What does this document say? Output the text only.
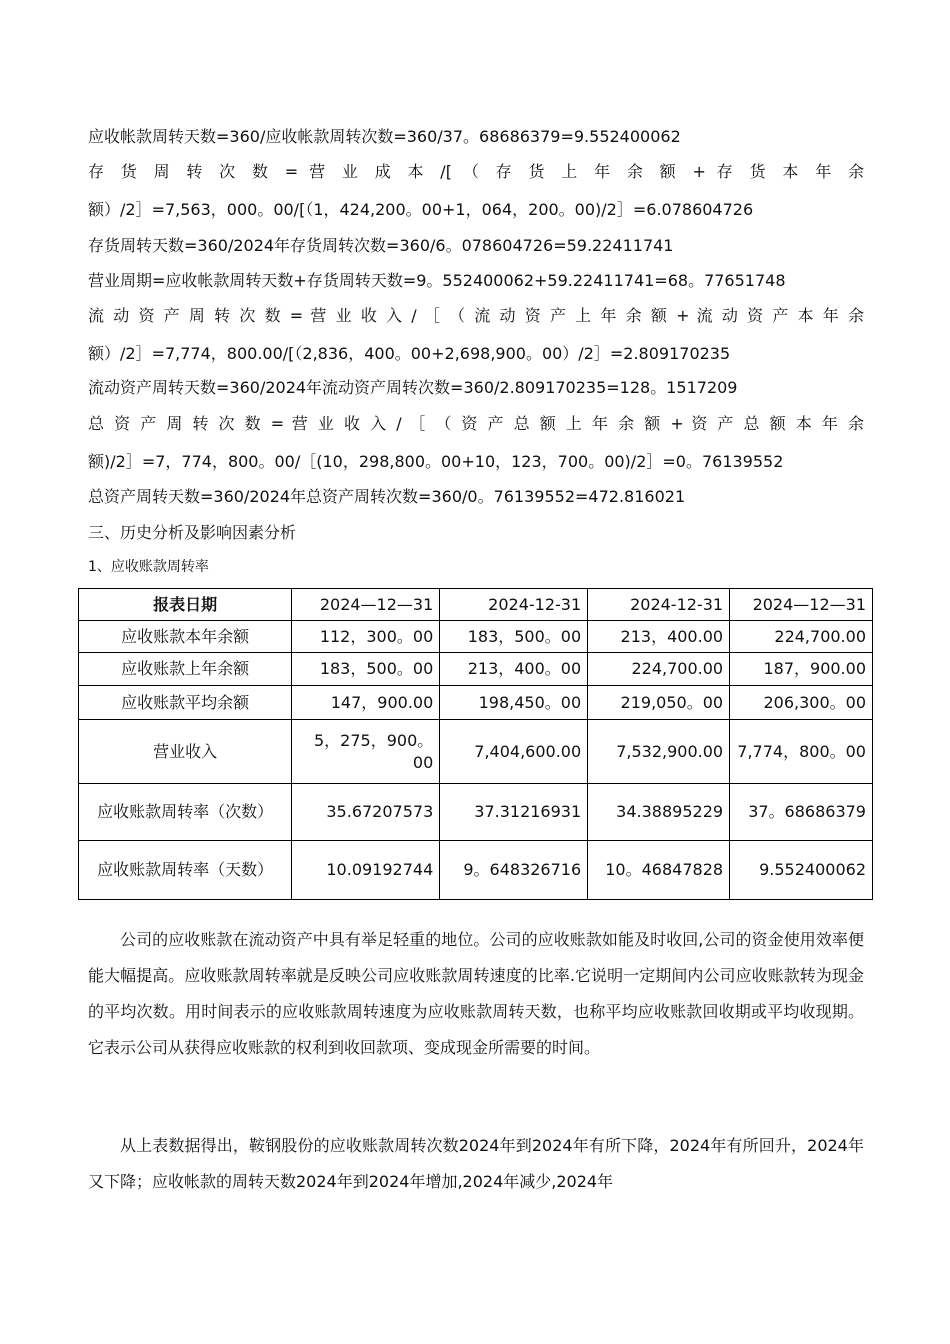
应收帐款周转天数=360/应收帐款周转次数=360/37。68686379=9.552400062
存 货 周 转 次 数 = 营 业 成 本 /[ （ 存 货 上 年 余 额 + 存 货 本 年 余
额）/2］=7,563，000。00/[（1，424,200。00+1，064，200。00)/2］=6.078604726
存货周转天数=360/2024年存货周转次数=360/6。078604726=59.22411741
营业周期=应收帐款周转天数+存货周转天数=9。552400062+59.22411741=68。77651748
流 动 资 产 周 转 次 数 = 营 业 收 入 / ［ （ 流 动 资 产 上 年 余 额 + 流 动 资 产 本 年 余
额）/2］=7,774，800.00/[（2,836，400。00+2,698,900。00）/2］=2.809170235
流动资产周转天数=360/2024年流动资产周转次数=360/2.809170235=128。1517209
总 资 产 周 转 次 数 = 营 业 收 入 / ［ （ 资 产 总 额 上 年 余 额 + 资 产 总 额 本 年 余
额)/2］=7，774，800。00/［(10，298,800。00+10，123，700。00)/2］=0。76139552
总资产周转天数=360/2024年总资产周转次数=360/0。76139552=472.816021
三、历史分析及影响因素分析
1、应收账款周转率
报表日期	2024—12—31	2024-12-31	2024-12-31	2024—12—31
应收账款本年余额	112，300。00	183，500。00	213，400.00	224,700.00
应收账款上年余额	183，500。00	213，400。00	224,700.00	187，900.00
应收账款平均余额	147，900.00	198,450。00	219,050。00	206,300。00
营业收入	5，275，900。00	7,404,600.00	7,532,900.00	7,774，800。00
应收账款周转率（次数）	35.67207573	37.31216931	34.38895229	37。68686379
应收账款周转率（天数）	10.09192744	9。648326716	10。46847828	9.552400062
公司的应收账款在流动资产中具有举足轻重的地位。公司的应收账款如能及时收回,公司的资金使用效率便能大幅提高。应收账款周转率就是反映公司应收账款周转速度的比率.它说明一定期间内公司应收账款转为现金的平均次数。用时间表示的应收账款周转速度为应收账款周转天数，也称平均应收账款回收期或平均收现期。它表示公司从获得应收账款的权利到收回款项、变成现金所需要的时间。
从上表数据得出，鞍钢股份的应收账款周转次数2024年到2024年有所下降，2024年有所回升，2024年又下降；应收帐款的周转天数2024年到2024年增加,2024年减少,2024年
